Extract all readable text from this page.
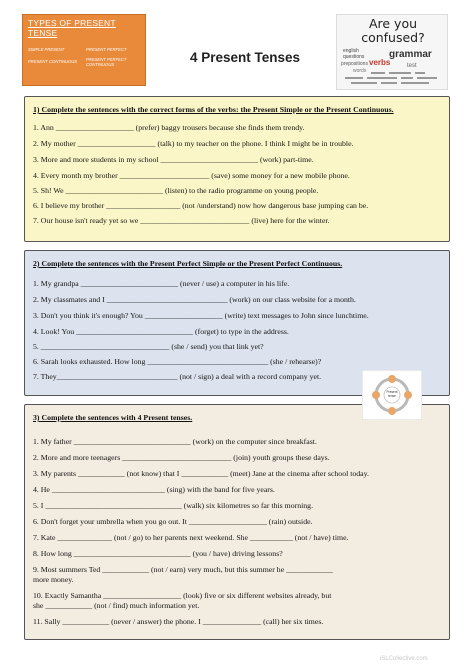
TYPES OF PRESENT TENSE
SIMPLE PRESENT	PRESENT PERFECT
PRESENT CONTINUOUS PRESENT PERFECT CONTINUOUS	4 Present Tenses
Are you confused?
english
questions grammar
verbs
prepositions	test
words
1) Complete the sentences with the correct forms of the verbs: the Present Simple or the Present Continuous.
1. Ann ____________________ (prefer) baggy trousers because she finds them trendy.
2. My mother ____________________ (talk) to my teacher on the phone. I think I might be in trouble.
3. More and more students in my school _________________________ (work) part-time.
4. Every month my brother _______________________ (save) some money for a new mobile phone.
5. Sh! We _________________________ (listen) to the radio programme on young people.
6. I believe my brother ___________________ (not /understand) now how dangerous base jumping can be.
7. Our house isn't ready yet so we ____________________________ (live) here for the winter.
2) Complete the sentences with the Present Perfect Simple or the Present Perfect Continuous.
1. My grandpa _________________________ (never / use) a computer in his life.
2. My classmates and I _______________________________ (work) on our class website for a month.
3. Don't you think it's enough? You ____________________ (write) text messages to John since lunchtime.
4. Look! You ______________________________ (forget) to type in the address.
5. _________________________________ (she / send) you that link yet?
6. Sarah looks exhausted. How long _______________________________ (she / rehearse)?
7. They_______________________________ (not / sign) a deal with a record company yet.
3) Complete the sentences with 4 Present tenses.
1. My father ______________________________ (work) on the computer since breakfast.
2. More and more teenagers ____________________________ (join) youth groups these days.
3. My parents ____________ (not know) that I ____________ (meet) Jane at the cinema after school today.
4. He _____________________________ (sing) with the band for five years.
5. I ___________________________________ (walk) six kilometres so far this morning.
6. Don't forget your umbrella when you go out. It ____________________ (rain) outside.
7. Kate ______________ (not / go) to her parents next weekend. She ___________ (not / have) time.
8. How long ______________________________ (you / have) driving lessons?
9. Most summers Ted ____________ (not / earn) very much, but this summer he ____________
more money.
10. Exactly Samantha ____________________ (look) five or six different websites already, but
she ____________ (not / find) much information yet.
11. Sally ____________ (never / answer) the phone. I _______________ (call) her six times.
Present tense
iSLCollective.com
